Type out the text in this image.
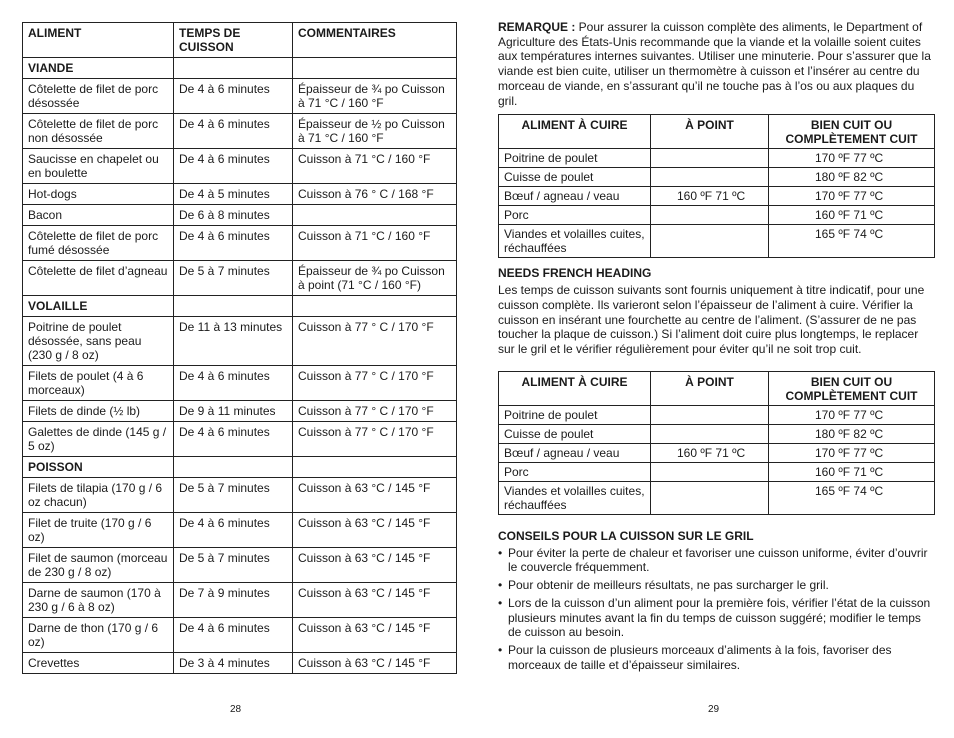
ALIMENT	TEMPS DE CUISSON	COMMENTAIRES
VIANDE		
Côtelette de filet de porc désossée	De 4 à 6 minutes	Épaisseur de ¾ po Cuisson à 71 °C / 160 °F
Côtelette de filet de porc non désossée	De 4 à 6 minutes	Épaisseur de ½ po Cuisson à 71 °C / 160 °F
Saucisse en chapelet ou en boulette	De 4 à 6 minutes	Cuisson à 71 °C / 160 °F
Hot-dogs	De 4 à 5 minutes	Cuisson à 76 ° C / 168 °F
Bacon	De 6 à 8 minutes	
Côtelette de filet de porc fumé désossée	De 4 à 6 minutes	Cuisson à 71 °C / 160 °F
Côtelette de filet d’agneau	De 5 à 7 minutes	Épaisseur de ¾ po Cuisson à point (71 °C / 160 °F)
VOLAILLE		
Poitrine de poulet désossée, sans peau (230 g / 8 oz)	De 11 à 13 minutes	Cuisson à 77 ° C / 170 °F
Filets de poulet (4 à 6 morceaux)	De 4 à 6 minutes	Cuisson à 77 ° C / 170 °F
Filets de dinde (½ lb)	De 9 à 11 minutes	Cuisson à 77 ° C / 170 °F
Galettes de dinde (145 g / 5 oz)	De 4 à 6 minutes	Cuisson à 77 ° C / 170 °F
POISSON		
Filets de tilapia (170 g / 6 oz chacun)	De 5 à 7 minutes	Cuisson à 63 °C / 145 °F
Filet de truite (170 g / 6 oz)	De 4 à 6 minutes	Cuisson à 63 °C / 145 °F
Filet de saumon (morceau de 230 g / 8 oz)	De 5 à 7 minutes	Cuisson à 63 °C / 145 °F
Darne de saumon (170 à 230 g / 6 à 8 oz)	De 7 à 9 minutes	Cuisson à 63 °C / 145 °F
Darne de thon (170 g / 6 oz)	De 4 à 6 minutes	Cuisson à 63 °C / 145 °F
Crevettes	De 3 à 4 minutes	Cuisson à 63 °C / 145 °F
28

REMARQUE : Pour assurer la cuisson complète des aliments, le Department of Agriculture des États-Unis recommande que la viande et la volaille soient cuites aux températures internes suivantes. Utiliser une minuterie. Pour s’assurer que la viande est bien cuite, utiliser un thermomètre à cuisson et l’insérer au centre du morceau de viande, en s’assurant qu’il ne touche pas à l’os ou aux plaques du gril.

ALIMENT À CUIRE	À POINT	BIEN CUIT OU COMPLÈTEMENT CUIT
Poitrine de poulet		170 ºF 77 ºC
Cuisse de poulet		180 ºF 82 ºC
Bœuf / agneau / veau	160 ºF 71 ºC	170 ºF 77 ºC
Porc		160 ºF 71 ºC
Viandes et volailles cuites, réchauffées		165 ºF 74 ºC
NEEDS FRENCH HEADING

Les temps de cuisson suivants sont fournis uniquement à titre indicatif, pour une cuisson complète. Ils varieront selon l’épaisseur de l’aliment à cuire. Vérifier la cuisson en insérant une fourchette au centre de l’aliment. (S’assurer de ne pas toucher la plaque de cuisson.) Si l’aliment doit cuire plus longtemps, le replacer sur le gril et le vérifier régulièrement pour éviter qu’il ne soit trop cuit.

ALIMENT À CUIRE	À POINT	BIEN CUIT OU COMPLÈTEMENT CUIT
Poitrine de poulet		170 ºF 77 ºC
Cuisse de poulet		180 ºF 82 ºC
Bœuf / agneau / veau	160 ºF 71 ºC	170 ºF 77 ºC
Porc		160 ºF 71 ºC
Viandes et volailles cuites, réchauffées		165 ºF 74 ºC
CONSEILS POUR LA CUISSON SUR LE GRIL
• Pour éviter la perte de chaleur et favoriser une cuisson uniforme, éviter d’ouvrir le couvercle fréquemment.
• Pour obtenir de meilleurs résultats, ne pas surcharger le gril.
• Lors de la cuisson d’un aliment pour la première fois, vérifier l’état de la cuisson plusieurs minutes avant la fin du temps de cuisson suggéré; modifier le temps de cuisson au besoin.
• Pour la cuisson de plusieurs morceaux d’aliments à la fois, favoriser des morceaux de taille et d’épaisseur similaires.
29
